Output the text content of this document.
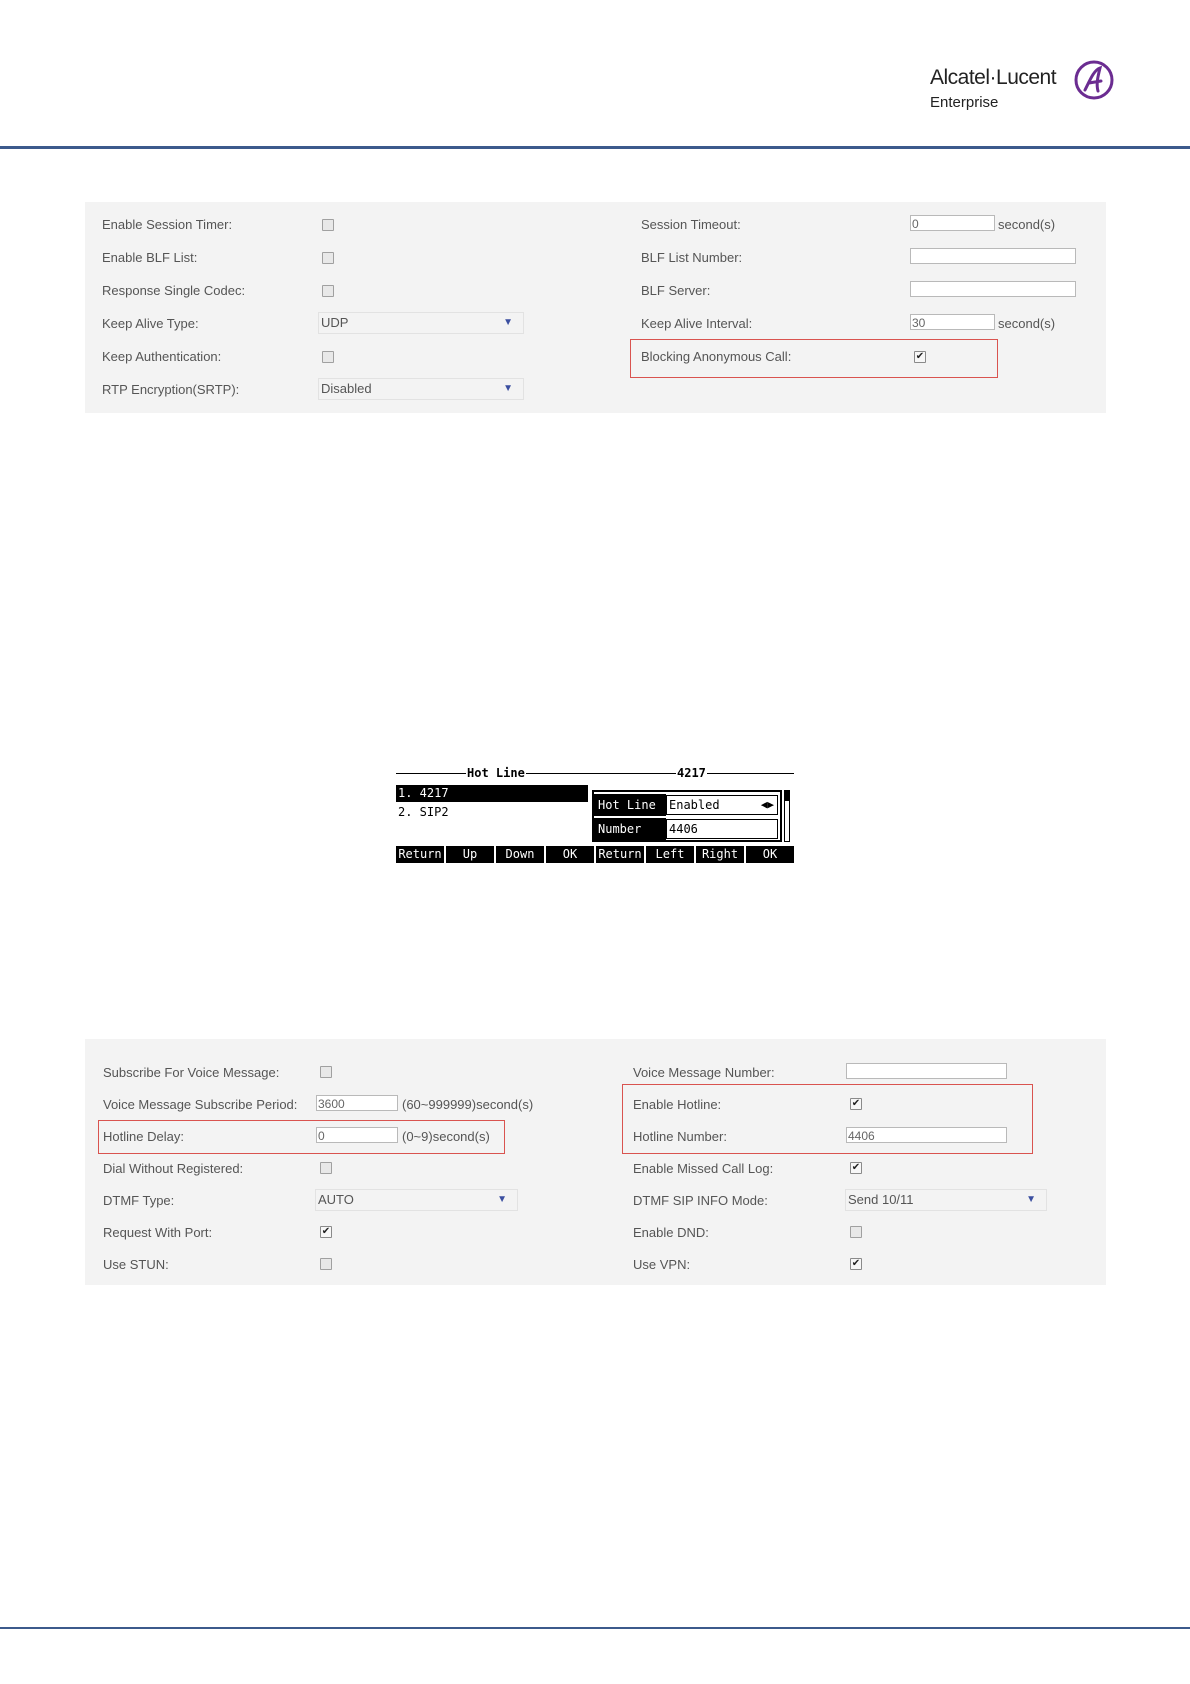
Alcatel·Lucent
Enterprise
Enable Session Timer:
Enable BLF List:
Response Single Codec:
Keep Alive Type:	UDP	▼
Keep Authentication:
RTP Encryption(SRTP):	Disabled	▼
Session Timeout:	0	second(s)
BLF List Number:
BLF Server:
Keep Alive Interval:	30	second(s)
Blocking Anonymous Call:	✔
Hot Line	4217
1. 4217
2. SIP2	Hot Line	Enabled	◀▶
Number	4406
Return	Up	Down	OK	Return	Left	Right	OK
Subscribe For Voice Message:
Voice Message Subscribe Period: 3600	(60~999999)second(s)
Hotline Delay:	0	(0~9)second(s)
Dial Without Registered:
DTMF Type:	AUTO	▼
Request With Port:	✔
Use STUN:
Voice Message Number:
Enable Hotline:	✔
Hotline Number:	4406
Enable Missed Call Log:	✔
DTMF SIP INFO Mode:	Send 10/11	▼
Enable DND:
Use VPN:	✔
